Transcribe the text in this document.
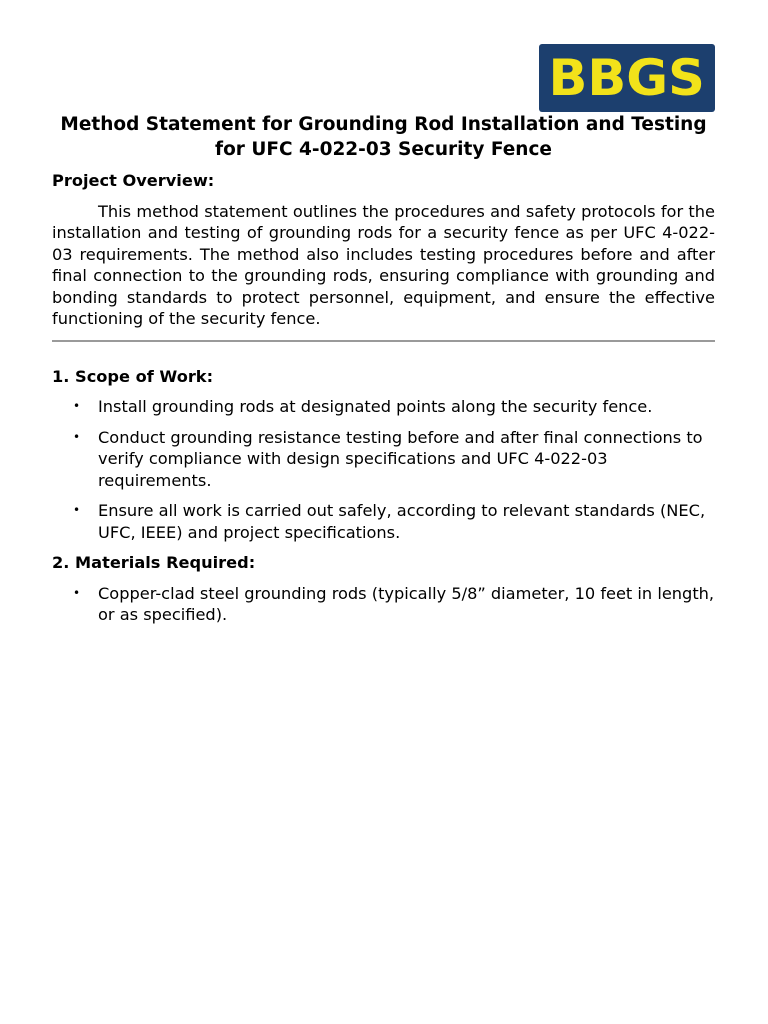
BBGS
Method Statement for Grounding Rod Installation and Testing for UFC 4-022-03 Security Fence

Project Overview:

This method statement outlines the procedures and safety protocols for the installation and testing of grounding rods for a security fence as per UFC 4-022-03 requirements. The method also includes testing procedures before and after final connection to the grounding rods, ensuring compliance with grounding and bonding standards to protect personnel, equipment, and ensure the effective functioning of the security fence.

1. Scope of Work:

• Install grounding rods at designated points along the security fence.
• Conduct grounding resistance testing before and after final connections to verify compliance with design specifications and UFC 4-022-03 requirements.
• Ensure all work is carried out safely, according to relevant standards (NEC, UFC, IEEE) and project specifications.

2. Materials Required:

• Copper-clad steel grounding rods (typically 5/8” diameter, 10 feet in length, or as specified).
